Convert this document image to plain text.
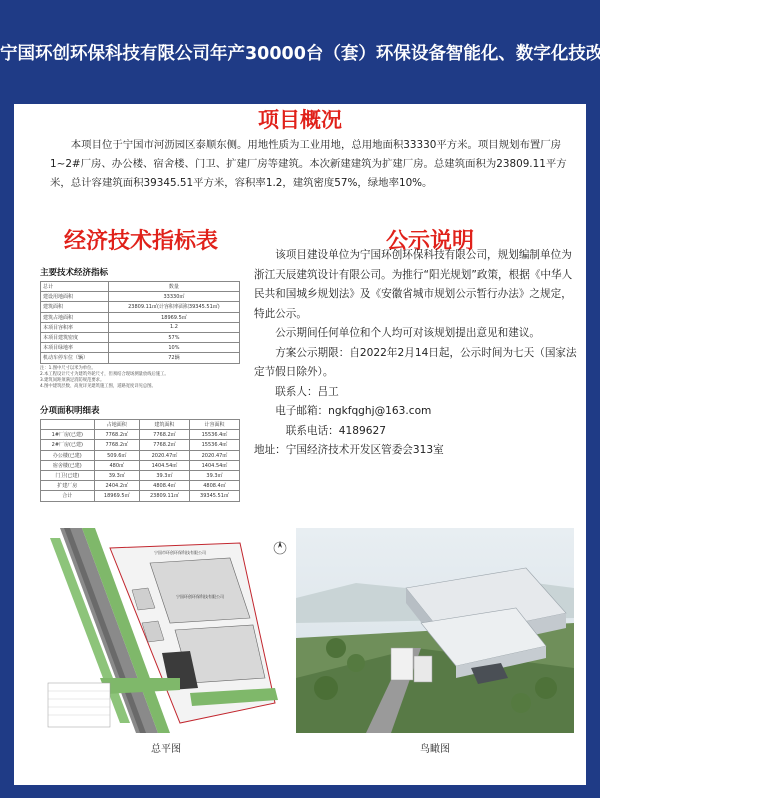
宁国环创环保科技有限公司年产30000台（套）环保设备智能化、数字化技改项目规划方案批前公示
项目概况

本项目位于宁国市河沥园区泰顺东侧。用地性质为工业用地，总用地面积33330平方米。项目规划布置厂房1~2#厂房、办公楼、宿舍楼、门卫、扩建厂房等建筑。本次新建建筑为扩建厂房。总建筑面积为23809.11平方米，总计容建筑面积39345.51平方米，容积率1.2，建筑密度57%，绿地率10%。

经济技术指标表	公示说明
主要技术经济指标
总计	数量
建设用地面积	33330㎡
建筑面积	23809.11㎡(计容积率面积39345.51㎡)
建筑占地面积	18969.5㎡
本项目容积率	1.2
本项目建筑密度	57%
本项目绿地率	10%
机动车停车位（辆）	72辆
注：1.图中尺寸以米为单位。
2.本工程设计尺寸为建筑外轮尺寸，但须结合现场测量放线后施工。
3.建筑间距须满足消防规范要求。
4.图中建筑层数、高度详见建筑施工图，道路宽度详见总图。
分项面积明细表
	占地面积	建筑面积	计容面积
1#厂房(已建)	7768.2㎡	7768.2㎡	15536.4㎡
2#厂房(已建)	7768.2㎡	7768.2㎡	15536.4㎡
办公楼(已建)	509.6㎡	2020.47㎡	2020.47㎡
宿舍楼(已建)	480㎡	1404.54㎡	1404.54㎡
门卫(已建)	39.3㎡	39.3㎡	39.3㎡
扩建厂房	2404.2㎡	4808.4㎡	4808.4㎡
合计	18969.5㎡	23809.11㎡	39345.51㎡

该项目建设单位为宁国环创环保科技有限公司，规划编制单位为浙江天辰建筑设计有限公司。为推行“阳光规划”政策，根据《中华人民共和国城乡规划法》及《安徽省城市规划公示暂行办法》之规定，特此公示。

公示期间任何单位和个人均可对该规划提出意见和建议。

方案公示期限：自2022年2月14日起，公示时间为七天（国家法定节假日除外）。

联系人：吕工

电子邮箱：ngkfqghj@163.com

联系电话：4189627

地址：宁国经济技术开发区管委会313室

宁国市环创环保科技有限公司
宁国环创环保科技有限公司
总平图	鸟瞰图
